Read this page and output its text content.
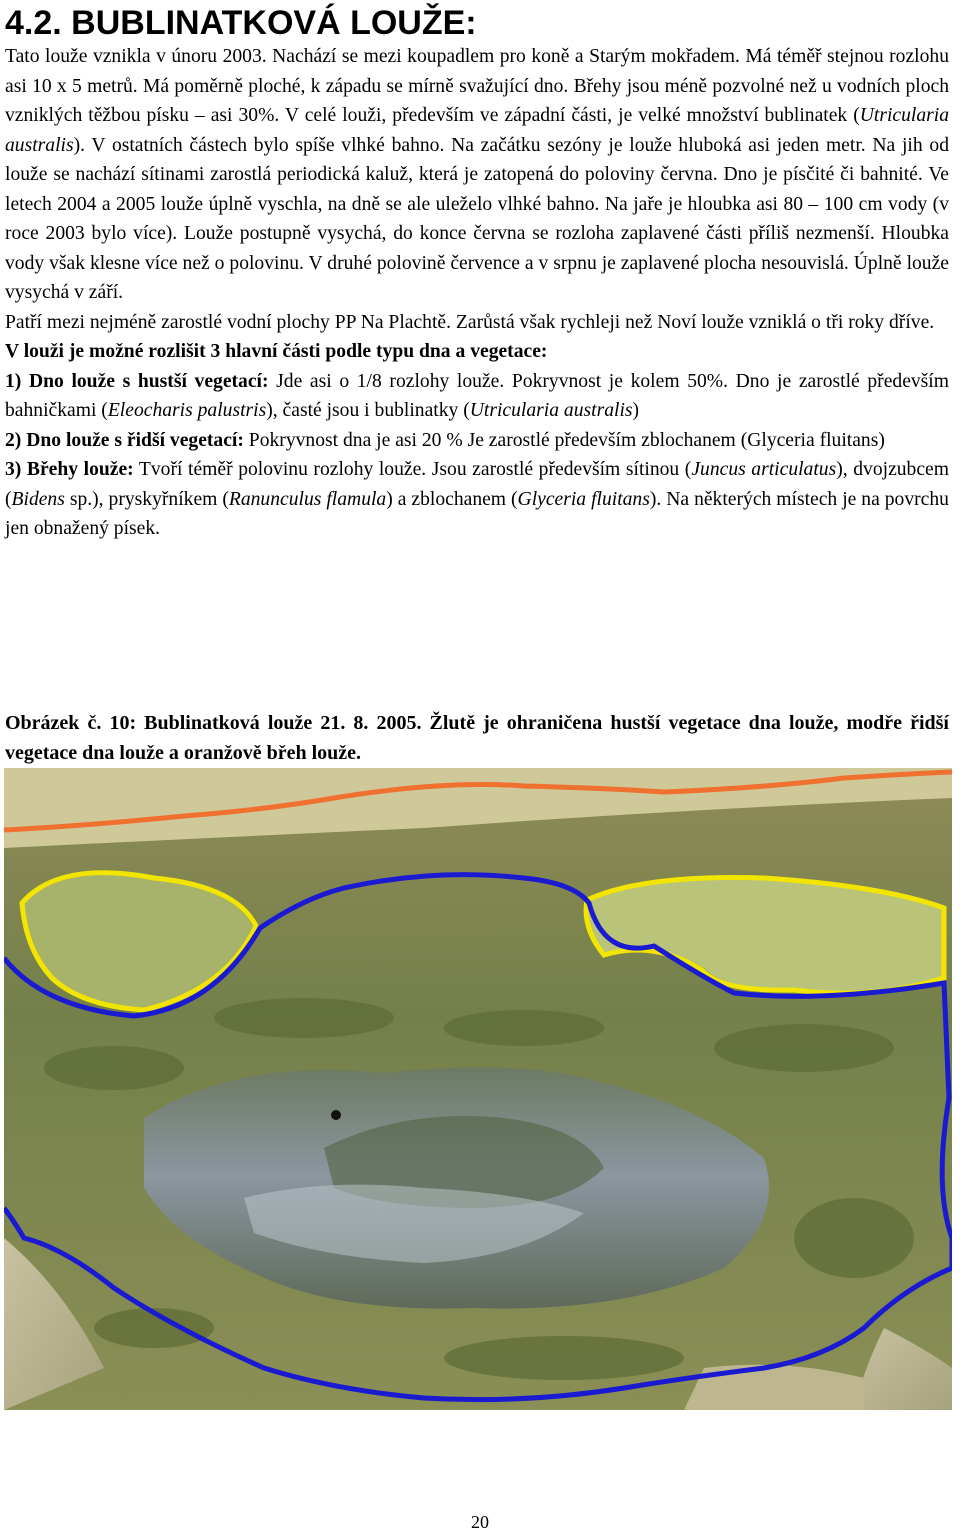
4.2. BUBLINATKOVÁ LOUŽE:

Tato louže vznikla v únoru 2003. Nachází se mezi koupadlem pro koně a Starým mokřadem. Má téměř stejnou rozlohu asi 10 x 5 metrů. Má poměrně ploché, k západu se mírně svažující dno. Břehy jsou méně pozvolné než u vodních ploch vzniklých těžbou písku – asi 30%. V celé louži, především ve západní části, je velké množství bublinatek (Utricularia australis). V ostatních částech bylo spíše vlhké bahno. Na začátku sezóny je louže hluboká asi jeden metr. Na jih od louže se nachází sítinami zarostlá periodická kaluž, která je zatopená do poloviny června. Dno je písčité či bahnité. Ve letech 2004 a 2005 louže úplně vyschla, na dně se ale uleželo vlhké bahno. Na jaře je hloubka asi 80 – 100 cm vody (v roce 2003 bylo více). Louže postupně vysychá, do konce června se rozloha zaplavené části příliš nezmenší. Hloubka vody však klesne více než o polovinu. V druhé polovině července a v srpnu je zaplavené plocha nesouvislá. Úplně louže vysychá v září.

Patří mezi nejméně zarostlé vodní plochy PP Na Plachtě. Zarůstá však rychleji než Noví louže vzniklá o tři roky dříve.

V louži je možné rozlišit 3 hlavní části podle typu dna a vegetace:

1) Dno louže s hustší vegetací: Jde asi o 1/8 rozlohy louže. Pokryvnost je kolem 50%. Dno je zarostlé především bahničkami (Eleocharis palustris), časté jsou i bublinatky (Utricularia australis)

2) Dno louže s řidší vegetací: Pokryvnost dna je asi 20 % Je zarostlé především zblochanem (Glyceria fluitans)

3) Břehy louže: Tvoří téměř polovinu rozlohy louže. Jsou zarostlé především sítinou (Juncus articulatus), dvojzubcem (Bidens sp.), pryskyřníkem (Ranunculus flamula) a zblochanem (Glyceria fluitans). Na některých místech je na povrchu jen obnažený písek.

Obrázek č. 10: Bublinatková louže 21. 8. 2005. Žlutě je ohraničena hustší vegetace dna louže, modře řidší vegetace dna louže a oranžově břeh louže.

20
